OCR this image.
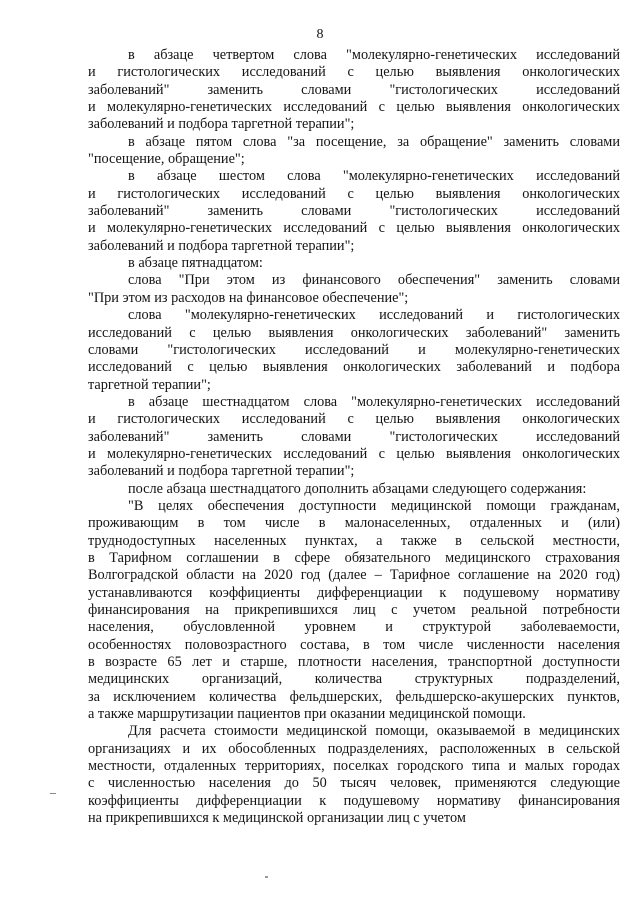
8
в абзаце четвертом слова "молекулярно-генетических исследований
и гистологических исследований с целью выявления онкологических
заболеваний" заменить словами "гистологических исследований
и молекулярно-генетических исследований с целью выявления онкологических
заболеваний и подбора таргетной терапии";
в абзаце пятом слова "за посещение, за обращение" заменить словами
"посещение, обращение";
в абзаце шестом слова "молекулярно-генетических исследований
и гистологических исследований с целью выявления онкологических
заболеваний" заменить словами "гистологических исследований
и молекулярно-генетических исследований с целью выявления онкологических
заболеваний и подбора таргетной терапии";
в абзаце пятнадцатом:
слова "При этом из финансового обеспечения" заменить словами
"При этом из расходов на финансовое обеспечение";
слова "молекулярно-генетических исследований и гистологических
исследований с целью выявления онкологических заболеваний" заменить
словами "гистологических исследований и молекулярно-генетических
исследований с целью выявления онкологических заболеваний и подбора
таргетной терапии";
в абзаце шестнадцатом слова "молекулярно-генетических исследований
и гистологических исследований с целью выявления онкологических
заболеваний" заменить словами "гистологических исследований
и молекулярно-генетических исследований с целью выявления онкологических
заболеваний и подбора таргетной терапии";
после абзаца шестнадцатого дополнить абзацами следующего содержания:
"В целях обеспечения доступности медицинской помощи гражданам,
проживающим в том числе в малонаселенных, отдаленных и (или)
труднодоступных населенных пунктах, а также в сельской местности,
в Тарифном соглашении в сфере обязательного медицинского страхования
Волгоградской области на 2020 год (далее – Тарифное соглашение на 2020 год)
устанавливаются коэффициенты дифференциации к подушевому нормативу
финансирования на прикрепившихся лиц с учетом реальной потребности
населения, обусловленной уровнем и структурой заболеваемости,
особенностях половозрастного состава, в том числе численности населения
в возрасте 65 лет и старше, плотности населения, транспортной доступности
медицинских организаций, количества структурных подразделений,
за исключением количества фельдшерских, фельдшерско-акушерских пунктов,
а также маршрутизации пациентов при оказании медицинской помощи.
Для расчета стоимости медицинской помощи, оказываемой в медицинских
организациях и их обособленных подразделениях, расположенных в сельской
местности, отдаленных территориях, поселках городского типа и малых городах
с численностью населения до 50 тысяч человек, применяются следующие
коэффициенты дифференциации к подушевому нормативу финансирования
на прикрепившихся к медицинской организации лиц с учетом
